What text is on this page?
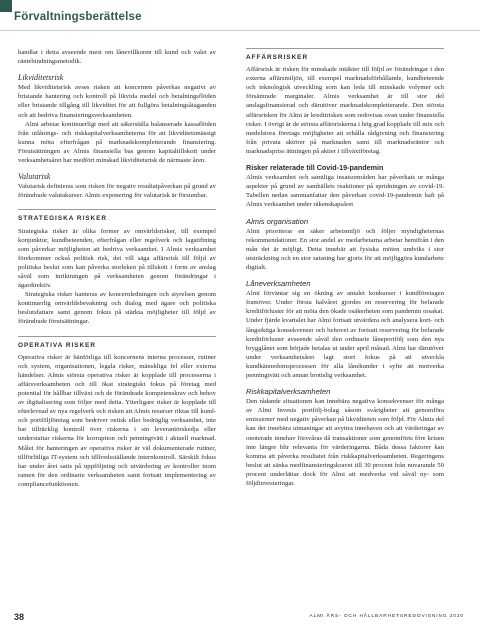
Förvaltningsberättelse

handlar i detta avseende mest om lånevillkoren till kund och valet av räntebindningsmetodik.

Likviditetsrisk

Med likviditetsrisk avses risken att koncernen påverkas negativt av bristande hantering och kontroll på likvida medel och betalningsflöden eller bristande tillgång till likviditet för att fullgöra betalningsåtaganden och att bedriva finansieringsverksamheten.

Almi arbetar kontinuerligt med att säkerställa balanserade kassaflöden från utlånings- och riskkapitalverksamheterna för att likviditetsmässigt kunna möta efterfrågan på marknadskompletterande finansiering. Förutsättningen av Almis finansiella bas genom kapitaltillskott under verksamhetsåret har medfört minskad likviditetsrisk de närmaste åren.

Valutarisk

Valutarisk definieras som risken för negativ resultatpåverkan på grund av förändrade valutakurser. Almis exponering för valutarisk är försumbar.

STRATEGISKA RISKER

Strategiska risker är olika former av omvärldsrisker, till exempel konjunktur, kundbeteenden, efterfrågan eller regelverk och lagstiftning som påverkar möjligheten att bedriva verksamhet. I Almis verksamhet förekommer också politisk risk, det vill säga affärsrisk till följd av politiska beslut som kan påverka storleken på tillskott i form av anslag såväl som inriktningen på verksamheten genom förändringar i ägardirektiv.

Strategiska risker hanteras av koncernledningen och styrelsen genom kontinuerlig omvärldsbevakning och dialog med ägare och politiska beslutsfattare samt genom fokus på stärkta möjligheter till följd av förändrade förutsättningar.

OPERATIVA RISKER

Operativa risker är hänförliga till koncernens interna processer, rutiner och system, organisationen, legala risker, mänskliga fel eller externa händelser. Almis största operativa risker är kopplade till processerna i affärsverksamheten och till ökat strategiskt fokus på företag med potential för hållbar tillväxt och de förändrade kompetenskrav och behov av digitalisering som följer med detta. Ytterligare risker är kopplade till efterlevnad av nya regelverk och risken att Almis resurser riktas till kund- och portföljföretag som bedriver oetisk eller bedräglig verksamhet, inte har tillräcklig kontroll över riskerna i sin leverantörskedja eller understattar riskerna för korruption och penningtvätt i aktuell marknad. Målet för hanteringen av operativa risker är väl dokumenterade rutiner, tillförlitliga IT-system och tillfredsställande internkontroll. Särskilt fokus har under året satts på uppföljning och utvärdering av kontroller inom ramen för den ordinarie verksamheten samt fortsatt implementering av compliancefunktionen.

AFFÄRSRISKER

Affärsrisk är risken för minskade intäkter till följd av förändringar i den externa affärsmiljön, till exempel marknadsförhållande, kundbeteende och teknologisk utveckling som kan leda till minskade volymer och försämrade marginaler. Almis verksamhet är till stor del anslagsfinansierad och därutöver marknadskompletterande. Den största affärsrisken för Almi är kreditrisken som redovisas ovan under finansiella risker. I övrigt är de största affärsriskerna i hög grad kopplade till mix och medelstora företags möjligheter att erhålla rådgivning och finansiering från privata aktörer på marknaden samt till marknadsräntor och marknadspriss ättningen på aktier i tillväxtföretag.

Risker relaterade till Covid-19-pandemin

Almis verksamhet och samtliga insatsområden har påverkats ur många aspekter på grund av samhällets reaktioner på spridningen av covid-19. Tabellen nedan sammanfattar den påverkan covid-19-pandemin haft på Almis verksamhet under räkenskapsåret

Almis organisation

Almi prioriterar en säker arbetsmiljö och följer myndigheternas rekommendationer. En stor andel av medarbetarna arbetar hemifrån i den mån det är möjligt. Detta innebär att fysiska möten undviks i stor utsträckning och en stor satsning har gjorts för att möjliggöra kundarbete digitalt.

Låneverksamheten

Almi förväntar sig en ökning av antalet konkurser i kundföretagen framöver. Under första halvåret gjordes en reservering för befarade kreditförluster för att möta den ökade osäkerheten som pandemin orsakat. Under fjärde kvartalet har Almi fortsatt utvärdera och analysera kort- och långsiktiga konsekvenser och behovet av fortsatt reservering för befarade kreditförluster avseende såväl den ordinarie låneportfölj som den nya brygglånet som började betalas ut under april månad. Almi har därutöver under verksamhetsåret lagt stort fokus på att utveckla kundkännedomsprocessen för alla lånekunder i syfte att motverka penningtvätt och annan brottslig verksamhet.

Riskkapitalverksamheten

Den rådande situationen kan innebära negativa konsekvenser för många av Almi Invests portfölj-bolag såsom svårigheter att genomföra emissioner med negativ påverkan på likviditeten som följd. För Almis del kan det innebära utmaningar att avyttra innehaven och att värderingar av onoterade innehav försvåras då transaktioner som genomförts före krisen inte längre blir relevanta för värderingarna. Båda dessa faktorer kan komma att påverka resultatet från riskkapitalverksamheten. Regeringens beslut att sänka medfinansieringskravet till 30 procent från nuvarande 50 procent underlättar dock för Almi att medverka vid såväl ny- som följdinvesteringar.

38	ALMI ÅRS- OCH HÅLLBARHETSREDOVISNING 2020
